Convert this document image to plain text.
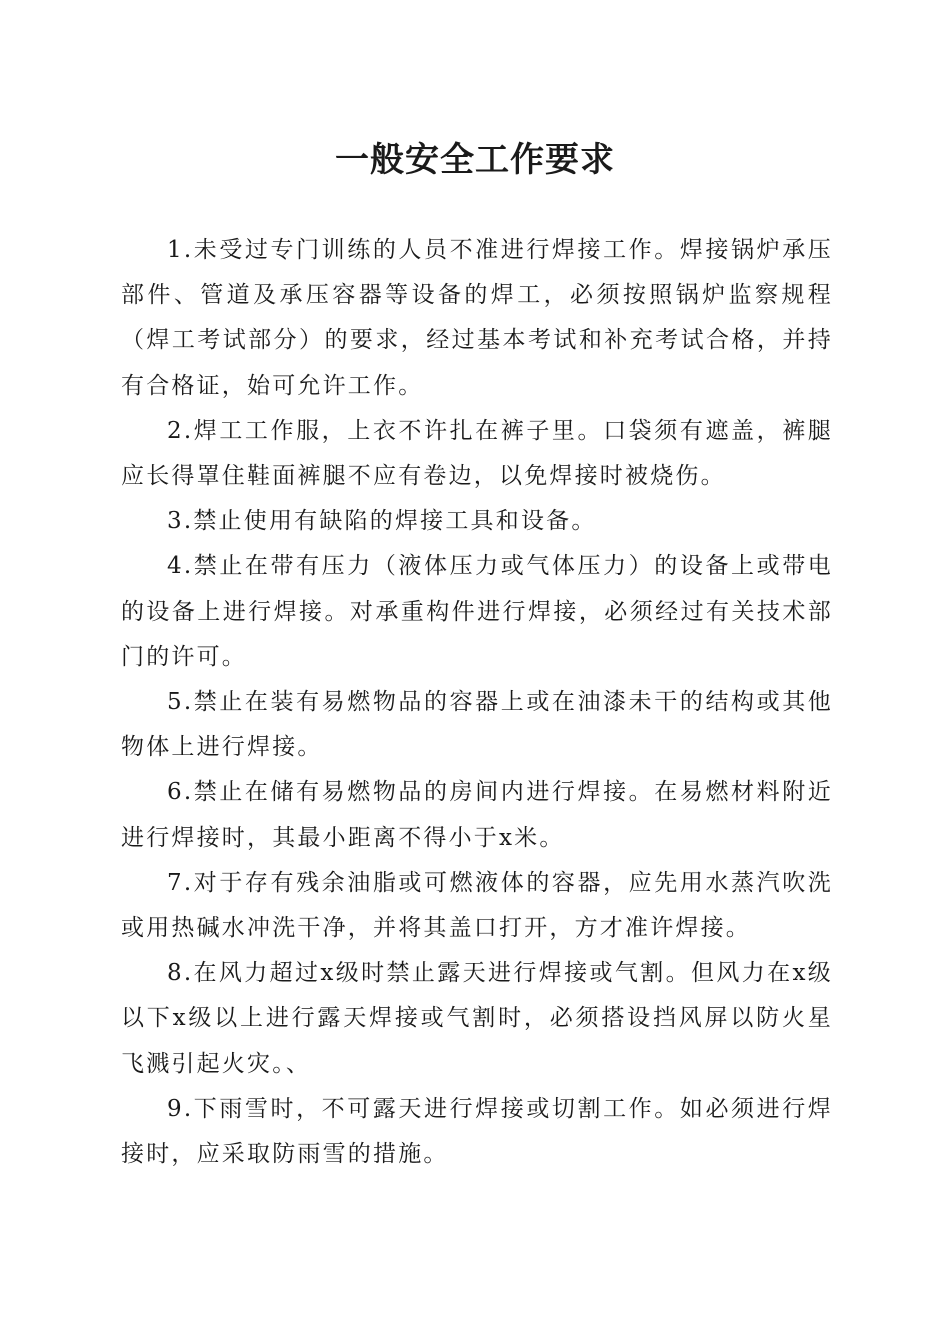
一般安全工作要求

1.未受过专门训练的人员不准进行焊接工作。焊接锅炉承压部件、管道及承压容器等设备的焊工，必须按照锅炉监察规程（焊工考试部分）的要求，经过基本考试和补充考试合格，并持有合格证，始可允许工作。

2.焊工工作服，上衣不许扎在裤子里。口袋须有遮盖，裤腿应长得罩住鞋面裤腿不应有卷边，以免焊接时被烧伤。

3.禁止使用有缺陷的焊接工具和设备。

4.禁止在带有压力（液体压力或气体压力）的设备上或带电的设备上进行焊接。对承重构件进行焊接，必须经过有关技术部门的许可。

5.禁止在装有易燃物品的容器上或在油漆未干的结构或其他物体上进行焊接。

6.禁止在储有易燃物品的房间内进行焊接。在易燃材料附近进行焊接时，其最小距离不得小于x米。

7.对于存有残余油脂或可燃液体的容器，应先用水蒸汽吹洗或用热碱水冲洗干净，并将其盖口打开，方才准许焊接。

8.在风力超过x级时禁止露天进行焊接或气割。但风力在x级以下x级以上进行露天焊接或气割时，必须搭设挡风屏以防火星飞溅引起火灾。、

9.下雨雪时，不可露天进行焊接或切割工作。如必须进行焊接时，应采取防雨雪的措施。
